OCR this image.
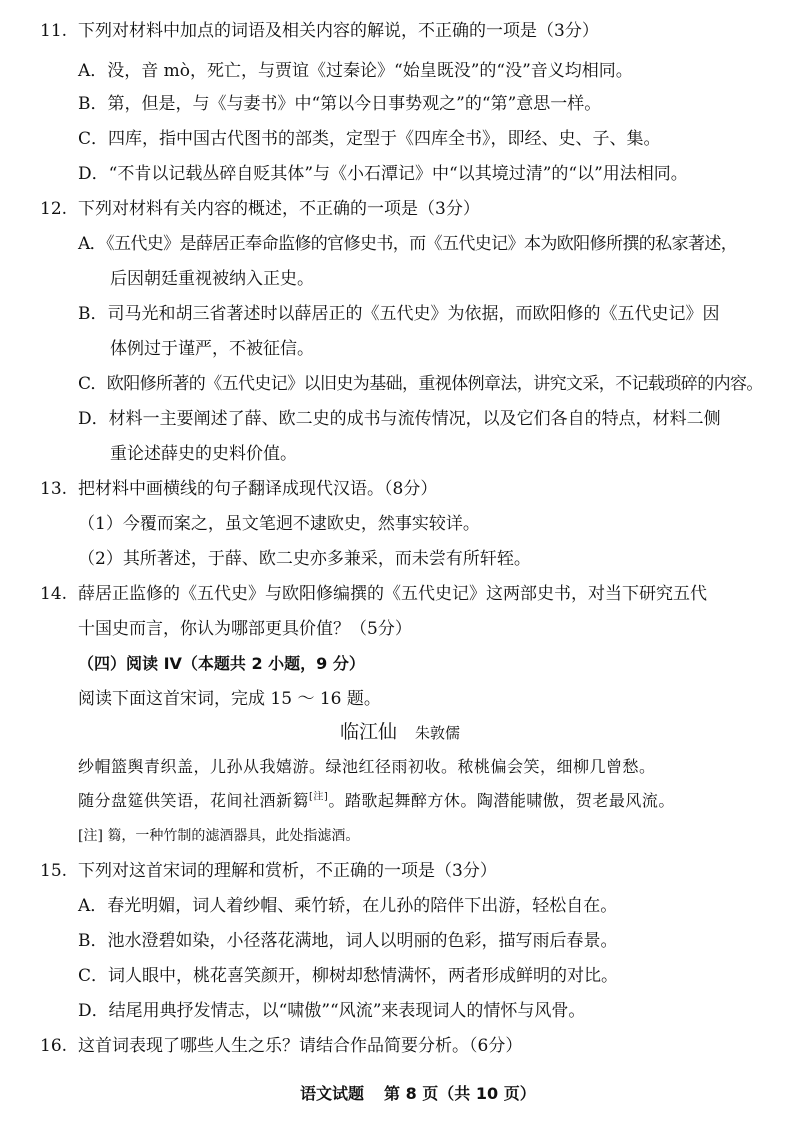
11. 下列对材料中加点的词语及相关内容的解说，不正确的一项是（3分）
A．没，音 mò，死亡，与贾谊《过秦论》“始皇既没”的“没”音义均相同。
B．第，但是，与《与妻书》中“第以今日事势观之”的“第”意思一样。
C．四库，指中国古代图书的部类，定型于《四库全书》，即经、史、子、集。
D．“不肯以记载丛碎自贬其体”与《小石潭记》中“以其境过清”的“以”用法相同。
12. 下列对材料有关内容的概述，不正确的一项是（3分）
A．《五代史》是薛居正奉命监修的官修史书，而《五代史记》本为欧阳修所撰的私家著述，
后因朝廷重视被纳入正史。
B．司马光和胡三省著述时以薛居正的《五代史》为依据，而欧阳修的《五代史记》因
体例过于谨严，不被征信。
C．欧阳修所著的《五代史记》以旧史为基础，重视体例章法，讲究文采，不记载琐碎的内容。
D．材料一主要阐述了薛、欧二史的成书与流传情况，以及它们各自的特点，材料二侧
重论述薛史的史料价值。
13. 把材料中画横线的句子翻译成现代汉语。（8分）
（1）今覆而案之，虽文笔迥不逮欧史，然事实较详。
（2）其所著述，于薛、欧二史亦多兼采，而未尝有所轩轾。
14. 薛居正监修的《五代史》与欧阳修编撰的《五代史记》这两部史书，对当下研究五代
十国史而言，你认为哪部更具价值？（5分）
（四）阅读 IV（本题共 2 小题，9 分）
阅读下面这首宋词，完成 15 ～ 16 题。
临江仙 朱敦儒
纱帽篮舆青织盖，儿孙从我嬉游。绿池红径雨初收。秾桃偏会笑，细柳几曾愁。
随分盘筵供笑语，花间社酒新篘[注]。踏歌起舞醉方休。陶潜能啸傲，贺老最风流。
[注] 篘，一种竹制的滤酒器具，此处指滤酒。
15. 下列对这首宋词的理解和赏析，不正确的一项是（3分）
A．春光明媚，词人着纱帽、乘竹轿，在儿孙的陪伴下出游，轻松自在。
B．池水澄碧如染，小径落花满地，词人以明丽的色彩，描写雨后春景。
C．词人眼中，桃花喜笑颜开，柳树却愁情满怀，两者形成鲜明的对比。
D．结尾用典抒发情志，以“啸傲”“风流”来表现词人的情怀与风骨。
16. 这首词表现了哪些人生之乐？请结合作品简要分析。（6分）
语文试题 第 8 页（共 10 页）
